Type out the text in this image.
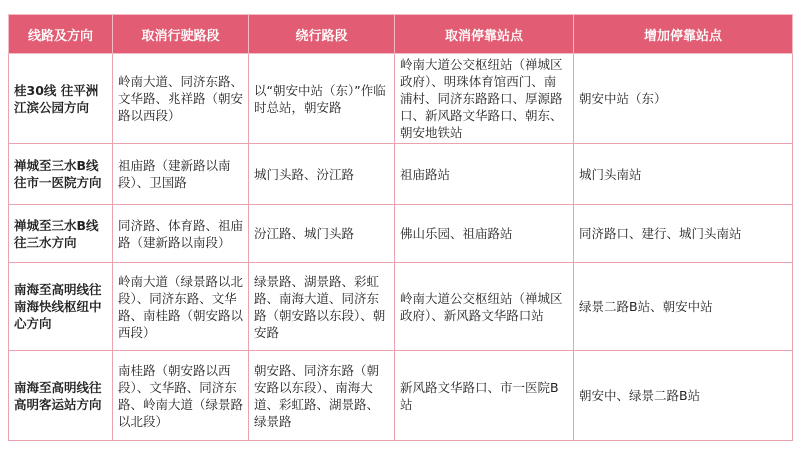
线路及方向	取消行驶路段	绕行路段	取消停靠站点	增加停靠站点
桂30线 往平洲江滨公园方向	岭南大道、同济东路、文华路、兆祥路（朝安路以西段）	以“朝安中站（东）”作临时总站，朝安路	岭南大道公交枢纽站（禅城区政府）、明珠体育馆西门、南浦村、同济东路路口、厚源路口、新风路文华路口、朝东、朝安地铁站	朝安中站（东）
禅城至三水B线 往市一医院方向	祖庙路（建新路以南段）、卫国路	城门头路、汾江路	祖庙路站	城门头南站
禅城至三水B线往三水方向	同济路、体育路、祖庙路（建新路以南段）	汾江路、城门头路	佛山乐园、祖庙路站	同济路口、建行、城门头南站
南海至高明线往南海快线枢纽中心方向	岭南大道（绿景路以北段）、同济东路、文华路、南桂路（朝安路以西段）	绿景路、湖景路、彩虹路、南海大道、同济东路（朝安路以东段）、朝安路	岭南大道公交枢纽站（禅城区政府）、新风路文华路口站	绿景二路B站、朝安中站
南海至高明线往高明客运站方向	南桂路（朝安路以西段）、文华路、同济东路、岭南大道（绿景路以北段）	朝安路、同济东路（朝安路以东段）、南海大道、彩虹路、湖景路、绿景路	新风路文华路口、市一医院B站	朝安中、绿景二路B站
